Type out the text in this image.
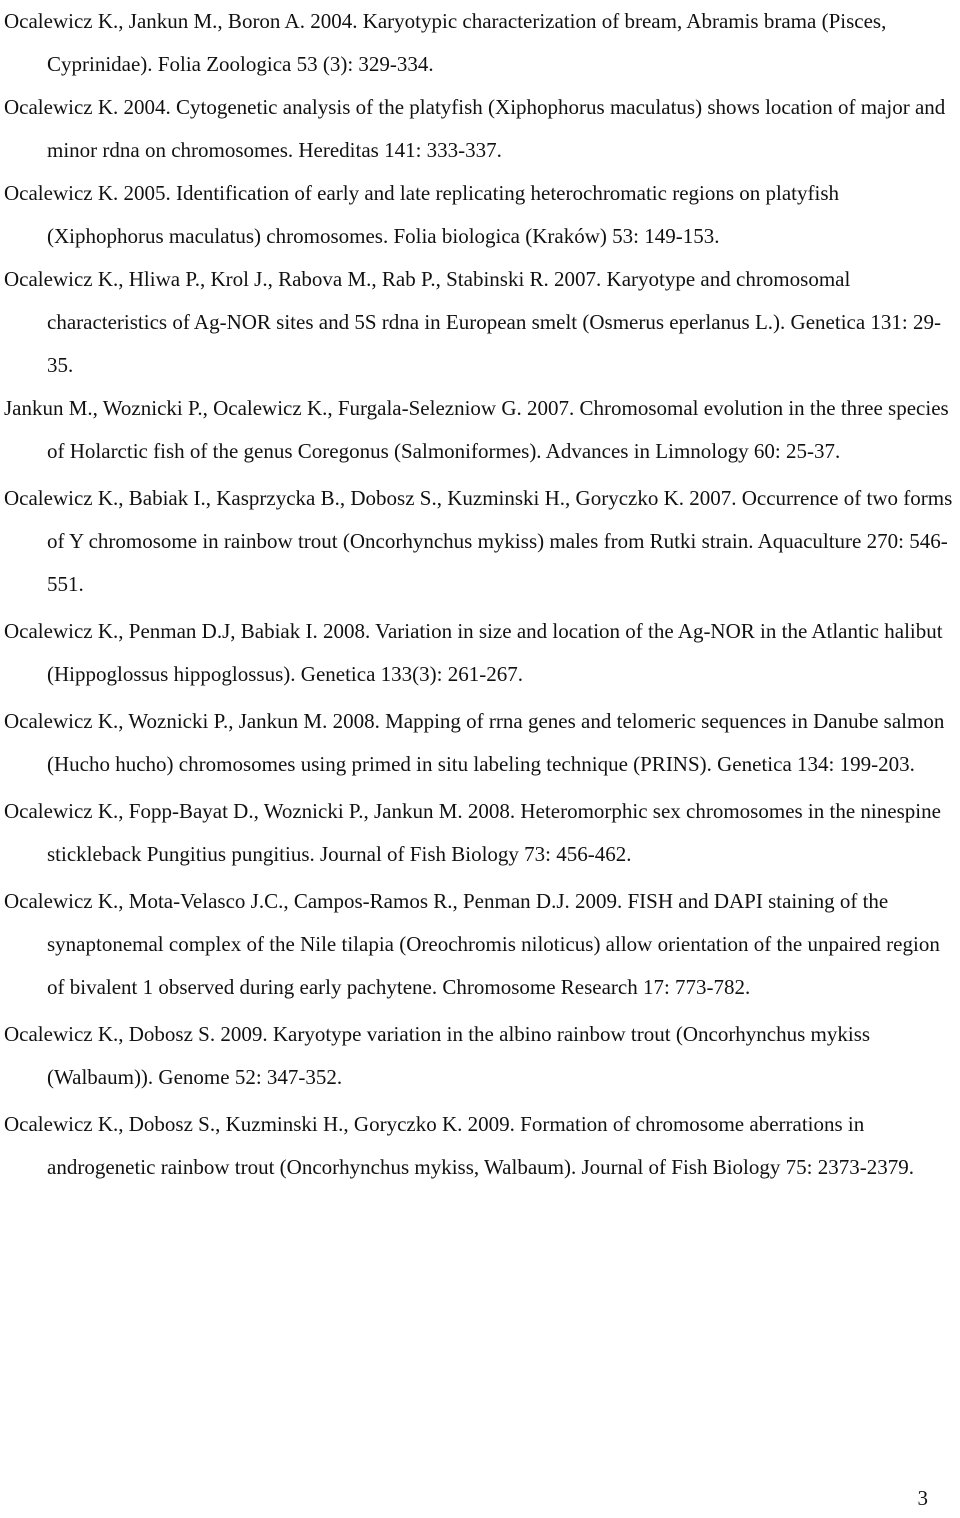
Ocalewicz K., Jankun M., Boron A. 2004. Karyotypic characterization of bream, Abramis brama (Pisces, Cyprinidae). Folia Zoologica 53 (3): 329-334.

Ocalewicz K. 2004. Cytogenetic analysis of the platyfish (Xiphophorus maculatus) shows location of major and minor rdna on chromosomes. Hereditas 141: 333-337.

Ocalewicz K. 2005. Identification of early and late replicating heterochromatic regions on platyfish (Xiphophorus maculatus) chromosomes. Folia biologica (Kraków) 53: 149-153.

Ocalewicz K., Hliwa P., Krol J., Rabova M., Rab P., Stabinski R. 2007. Karyotype and chromosomal characteristics of Ag-NOR sites and 5S rdna in European smelt (Osmerus eperlanus L.). Genetica 131: 29-35.

Jankun M., Woznicki P., Ocalewicz K., Furgala-Selezniow G. 2007. Chromosomal evolution in the three species of Holarctic fish of the genus Coregonus (Salmoniformes). Advances in Limnology 60: 25-37.

Ocalewicz K., Babiak I., Kasprzycka B., Dobosz S., Kuzminski H., Goryczko K. 2007. Occurrence of two forms of Y chromosome in rainbow trout (Oncorhynchus mykiss) males from Rutki strain. Aquaculture 270: 546-551.

Ocalewicz K., Penman D.J, Babiak I. 2008. Variation in size and location of the Ag-NOR in the Atlantic halibut (Hippoglossus hippoglossus). Genetica 133(3): 261-267.

Ocalewicz K., Woznicki P., Jankun M. 2008. Mapping of rrna genes and telomeric sequences in Danube salmon (Hucho hucho) chromosomes using primed in situ labeling technique (PRINS). Genetica 134: 199-203.

Ocalewicz K., Fopp-Bayat D., Woznicki P., Jankun M. 2008. Heteromorphic sex chromosomes in the ninespine stickleback Pungitius pungitius. Journal of Fish Biology 73: 456-462.

Ocalewicz K., Mota-Velasco J.C., Campos-Ramos R., Penman D.J. 2009. FISH and DAPI staining of the synaptonemal complex of the Nile tilapia (Oreochromis niloticus) allow orientation of the unpaired region of bivalent 1 observed during early pachytene. Chromosome Research 17: 773-782.

Ocalewicz K., Dobosz S. 2009. Karyotype variation in the albino rainbow trout (Oncorhynchus mykiss (Walbaum)). Genome 52: 347-352.

Ocalewicz K., Dobosz S., Kuzminski H., Goryczko K. 2009. Formation of chromosome aberrations in androgenetic rainbow trout (Oncorhynchus mykiss, Walbaum). Journal of Fish Biology 75: 2373-2379.

3
